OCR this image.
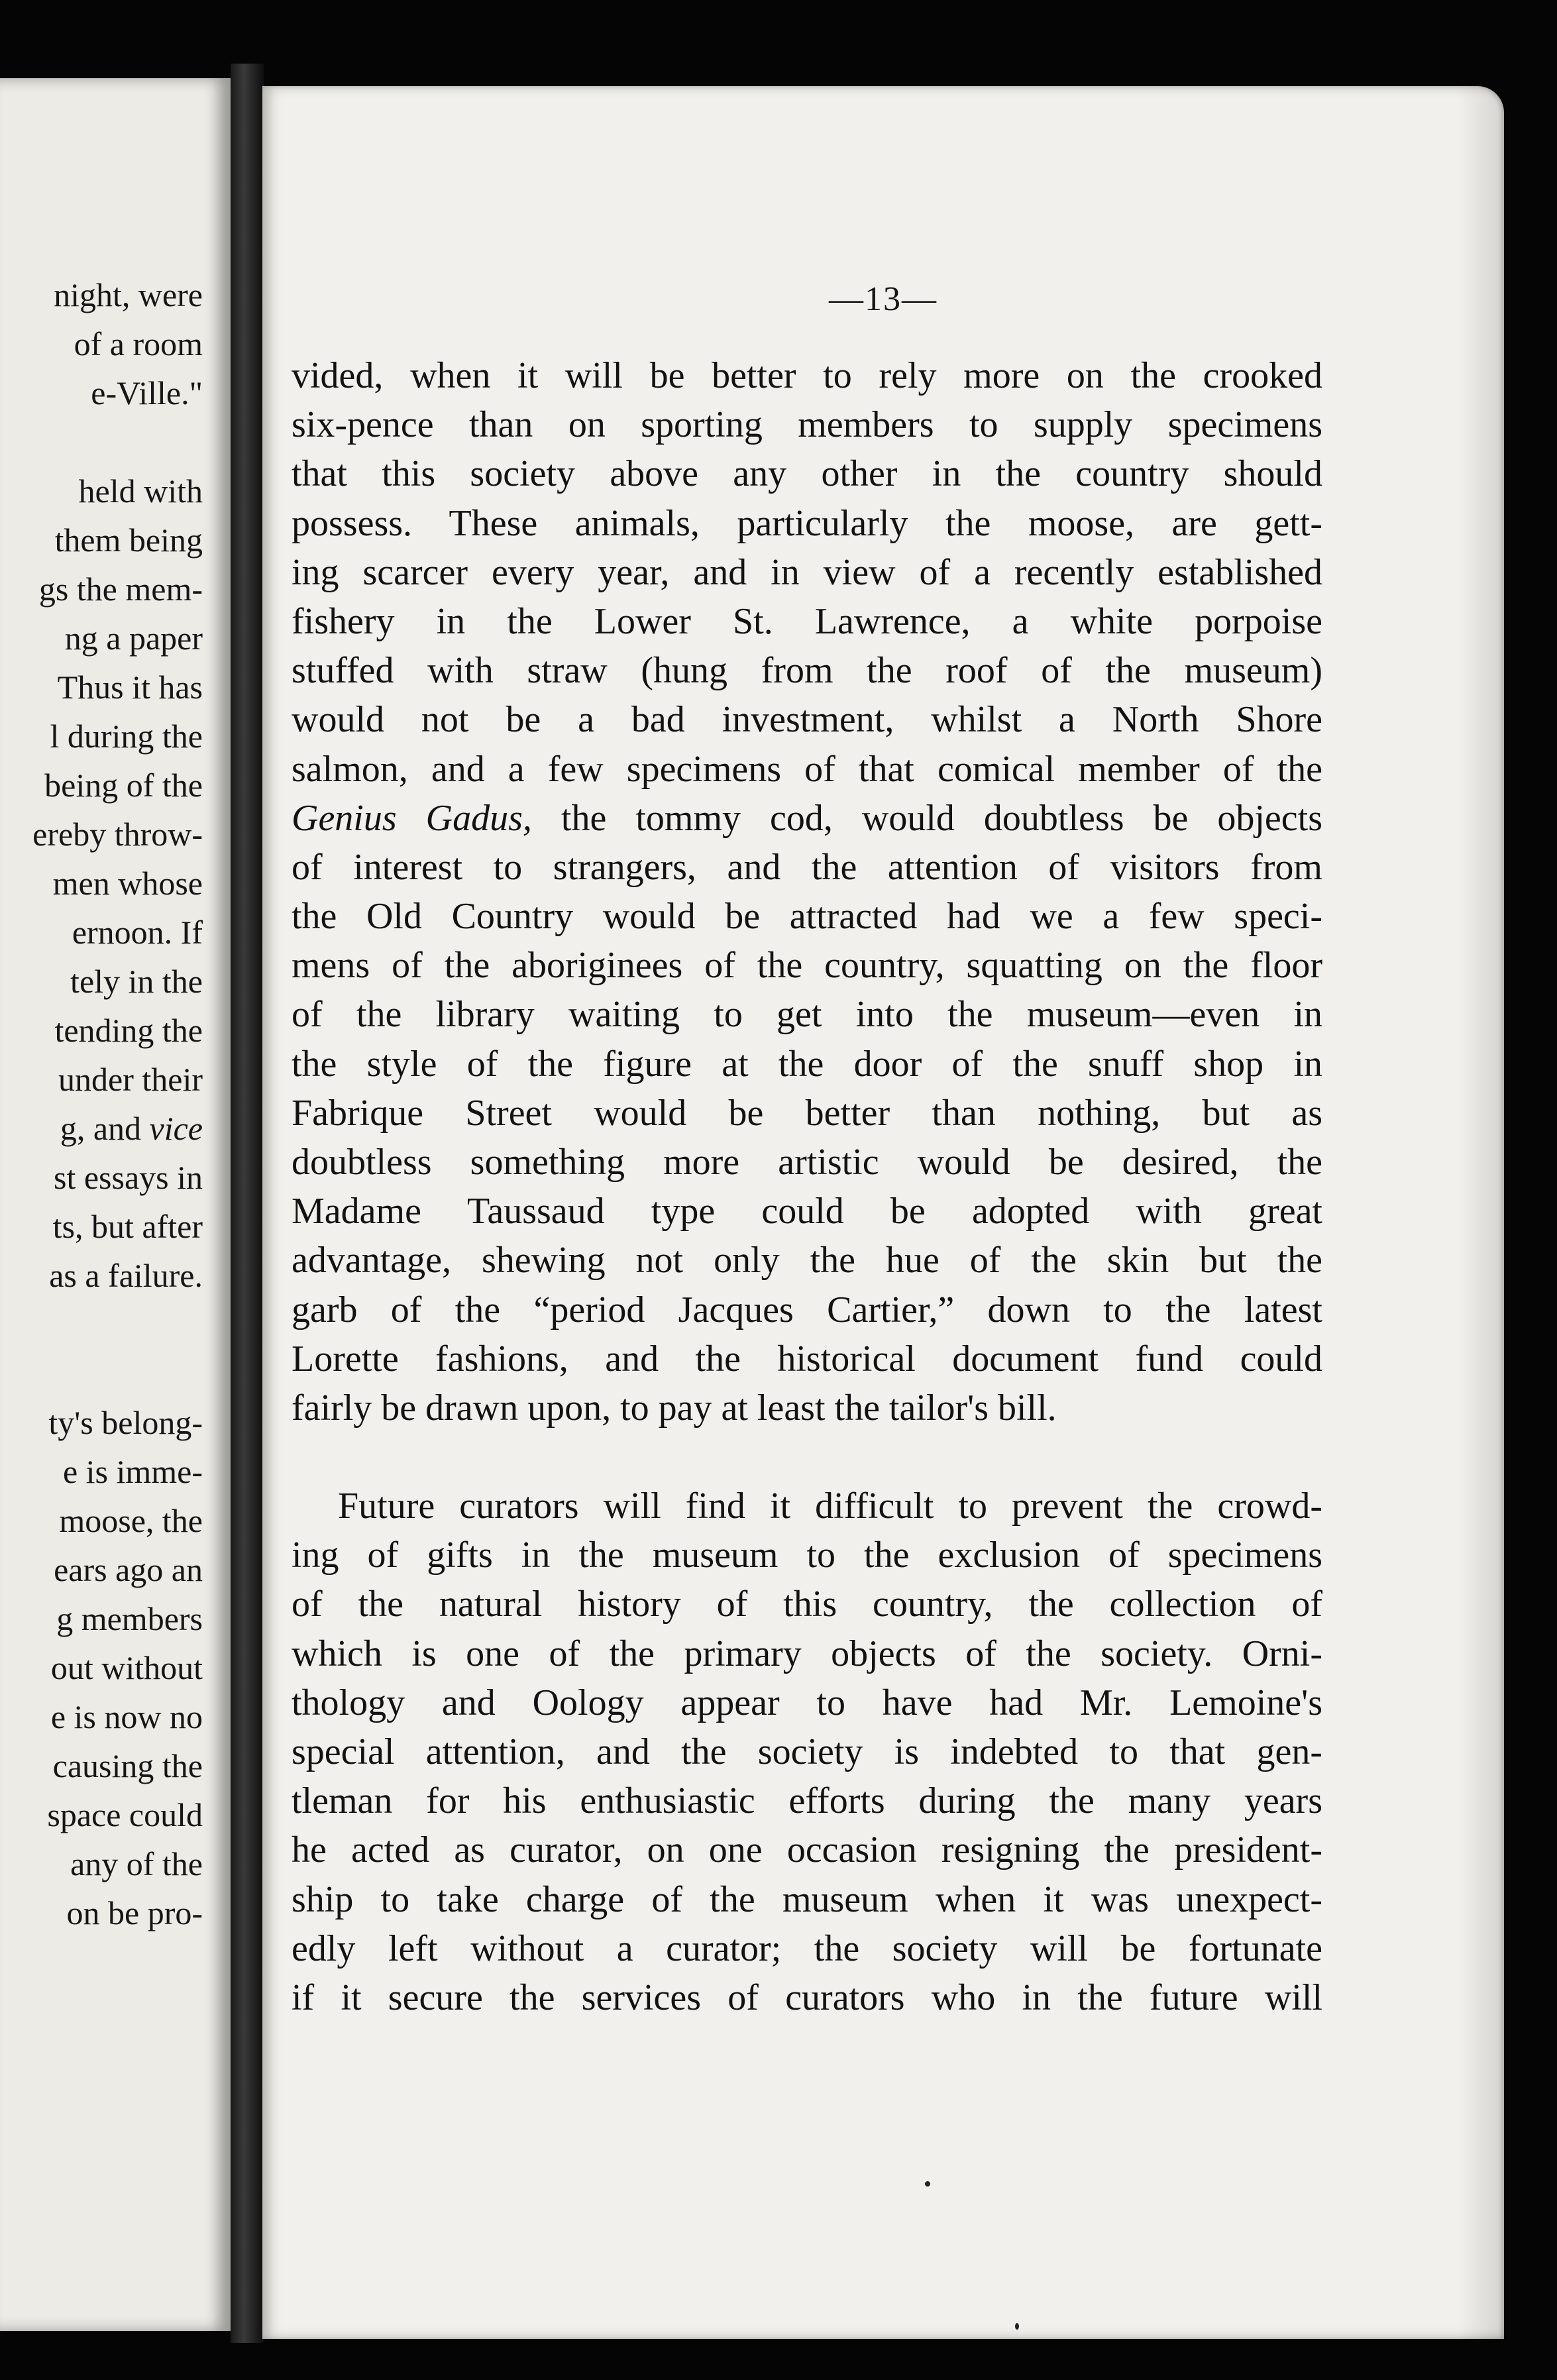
night, were
of a room
e-Ville."
held with
them being
gs the mem-
ng a paper
Thus it has
l during the
being of the
ereby throw-
men whose
ernoon. If
tely in the
tending the
under their
g, and vice
st essays in
ts, but after
as a failure.
ty's belong-
e is imme-
moose, the
ears ago an
g members
out without
e is now no
causing the
space could
any of the
on be pro-
—13—
vided, when it will be better to rely more on the crooked
six-pence than on sporting members to supply specimens
that this society above any other in the country should
possess. These animals, particularly the moose, are gett-
ing scarcer every year, and in view of a recently established
fishery in the Lower St. Lawrence, a white porpoise
stuffed with straw (hung from the roof of the museum)
would not be a bad investment, whilst a North Shore
salmon, and a few specimens of that comical member of the
Genius Gadus, the tommy cod, would doubtless be objects
of interest to strangers, and the attention of visitors from
the Old Country would be attracted had we a few speci-
mens of the aboriginees of the country, squatting on the floor
of the library waiting to get into the museum—even in
the style of the figure at the door of the snuff shop in
Fabrique Street would be better than nothing, but as
doubtless something more artistic would be desired, the
Madame Taussaud type could be adopted with great
advantage, shewing not only the hue of the skin but the
garb of the “period Jacques Cartier,” down to the latest
Lorette fashions, and the historical document fund could
fairly be drawn upon, to pay at least the tailor's bill.
Future curators will find it difficult to prevent the crowd-
ing of gifts in the museum to the exclusion of specimens
of the natural history of this country, the collection of
which is one of the primary objects of the society. Orni-
thology and Oology appear to have had Mr. Lemoine's
special attention, and the society is indebted to that gen-
tleman for his enthusiastic efforts during the many years
he acted as curator, on one occasion resigning the president-
ship to take charge of the museum when it was unexpect-
edly left without a curator; the society will be fortunate
if it secure the services of curators who in the future will
